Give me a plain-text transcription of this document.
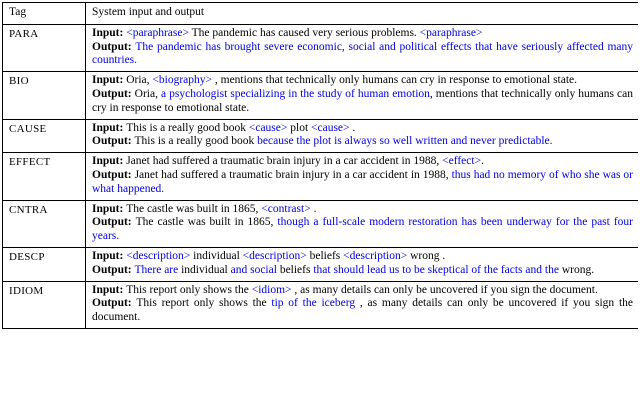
Tag	System input and output
PARA	Input: <paraphrase> The pandemic has caused very serious problems. <paraphrase>
Output: The pandemic has brought severe economic, social and political effects that have seriously affected many countries.

BIO	Input: Oria, <biography> , mentions that technically only humans can cry in response to emotional state.
Output: Oria, a psychologist specializing in the study of human emotion, mentions that technically only humans can cry in response to emotional state.

CAUSE	Input: This is a really good book <cause> plot <cause> .
Output: This is a really good book because the plot is always so well written and never predictable.

EFFECT	Input: Janet had suffered a traumatic brain injury in a car accident in 1988, <effect>.
Output: Janet had suffered a traumatic brain injury in a car accident in 1988, thus had no memory of who she was or what happened.

CNTRA	Input: The castle was built in 1865, <contrast> .
Output: The castle was built in 1865, though a full-scale modern restoration has been underway for the past four years.

DESCP	Input: <description> individual <description> beliefs <description> wrong .
Output: There are individual and social beliefs that should lead us to be skeptical of the facts and the wrong.

IDIOM	Input: This report only shows the <idiom> , as many details can only be uncovered if you sign the document.
Output: This report only shows the tip of the iceberg , as many details can only be uncovered if you sign the document.
